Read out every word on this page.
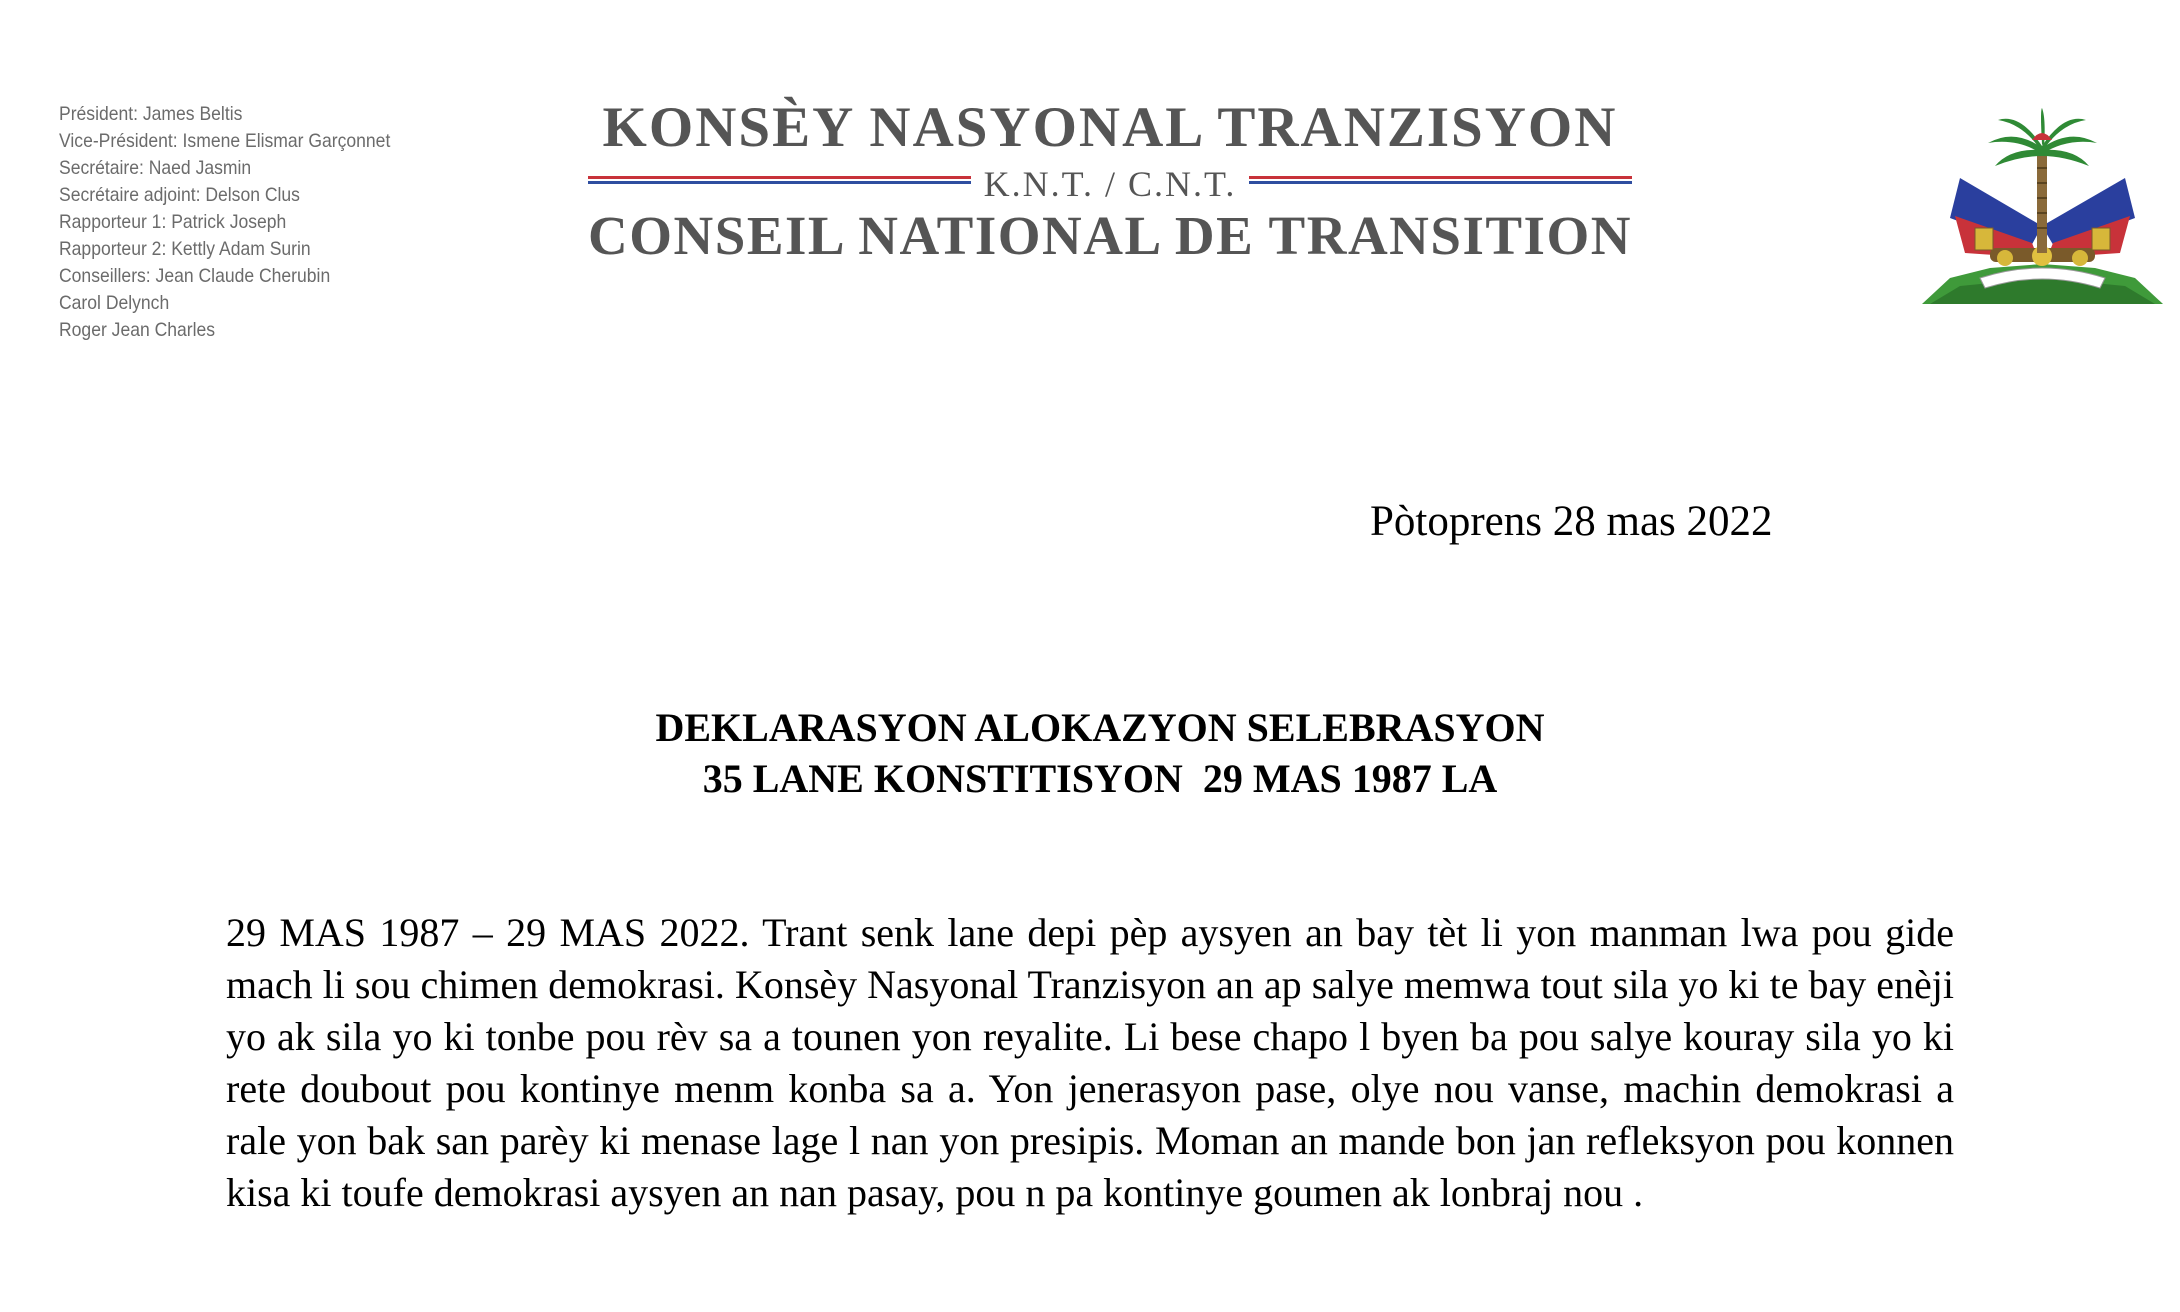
Président: James Beltis
Vice-Président: Ismene Elismar Garçonnet
Secrétaire: Naed Jasmin
Secrétaire adjoint: Delson Clus
Rapporteur 1: Patrick Joseph
Rapporteur 2: Kettly Adam Surin
Conseillers: Jean Claude Cherubin
Carol Delynch
Roger Jean Charles
KONSÈY NASYONAL TRANZISYON
K.N.T. / C.N.T.
CONSEIL NATIONAL DE TRANSITION
Pòtoprens 28 mas 2022
DEKLARASYON ALOKAZYON SELEBRASYON
35 LANE KONSTITISYON  29 MAS 1987 LA
29 MAS 1987 – 29 MAS 2022. Trant senk lane depi pèp aysyen an bay tèt li yon manman lwa pou gide mach li sou chimen demokrasi. Konsèy Nasyonal Tranzisyon an ap salye memwa tout sila yo ki te bay enèji yo ak sila yo ki tonbe pou rèv sa a tounen yon reyalite. Li bese chapo l byen ba pou salye kouray sila yo ki rete doubout pou kontinye menm konba sa a. Yon jenerasyon pase, olye nou vanse, machin demokrasi a rale yon bak san parèy ki menase lage l nan yon presipis. Moman an mande bon jan refleksyon pou konnen kisa ki toufe demokrasi aysyen an nan pasay, pou n pa kontinye goumen ak lonbraj nou .
